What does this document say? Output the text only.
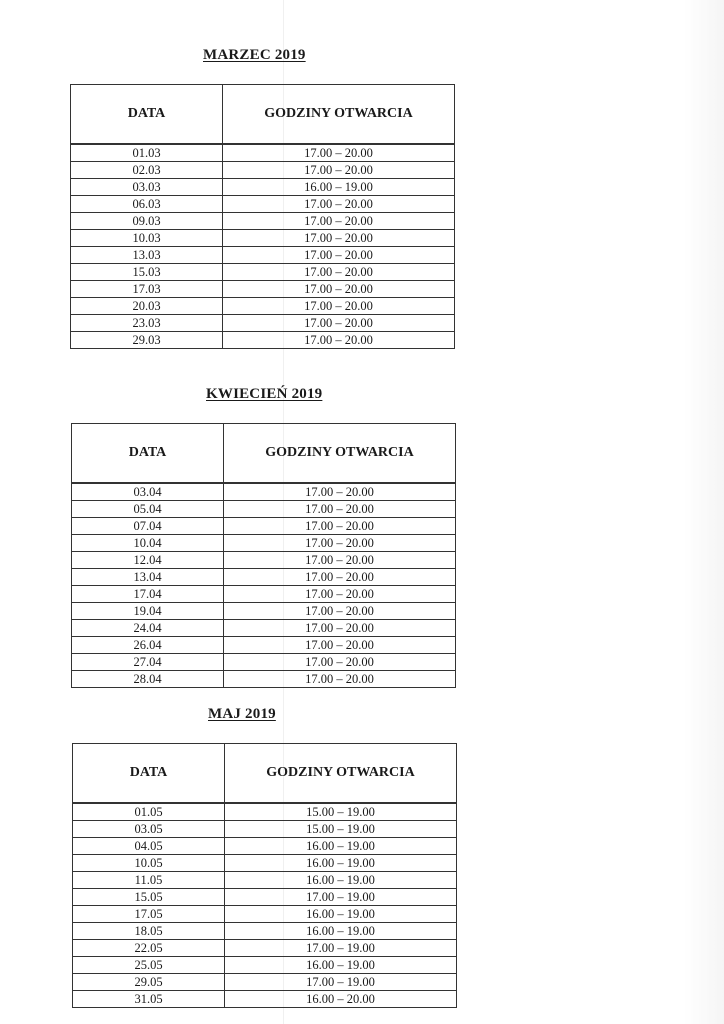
MARZEC 2019
DATA	GODZINY OTWARCIA
01.03	17.00 – 20.00
02.03	17.00 – 20.00
03.03	16.00 – 19.00
06.03	17.00 – 20.00
09.03	17.00 – 20.00
10.03	17.00 – 20.00
13.03	17.00 – 20.00
15.03	17.00 – 20.00
17.03	17.00 – 20.00
20.03	17.00 – 20.00
23.03	17.00 – 20.00
29.03	17.00 – 20.00
KWIECIEŃ 2019
DATA	GODZINY OTWARCIA
03.04	17.00 – 20.00
05.04	17.00 – 20.00
07.04	17.00 – 20.00
10.04	17.00 – 20.00
12.04	17.00 – 20.00
13.04	17.00 – 20.00
17.04	17.00 – 20.00
19.04	17.00 – 20.00
24.04	17.00 – 20.00
26.04	17.00 – 20.00
27.04	17.00 – 20.00
28.04	17.00 – 20.00
MAJ 2019
DATA	GODZINY OTWARCIA
01.05	15.00 – 19.00
03.05	15.00 – 19.00
04.05	16.00 – 19.00
10.05	16.00 – 19.00
11.05	16.00 – 19.00
15.05	17.00 – 19.00
17.05	16.00 – 19.00
18.05	16.00 – 19.00
22.05	17.00 – 19.00
25.05	16.00 – 19.00
29.05	17.00 – 19.00
31.05	16.00 – 20.00
